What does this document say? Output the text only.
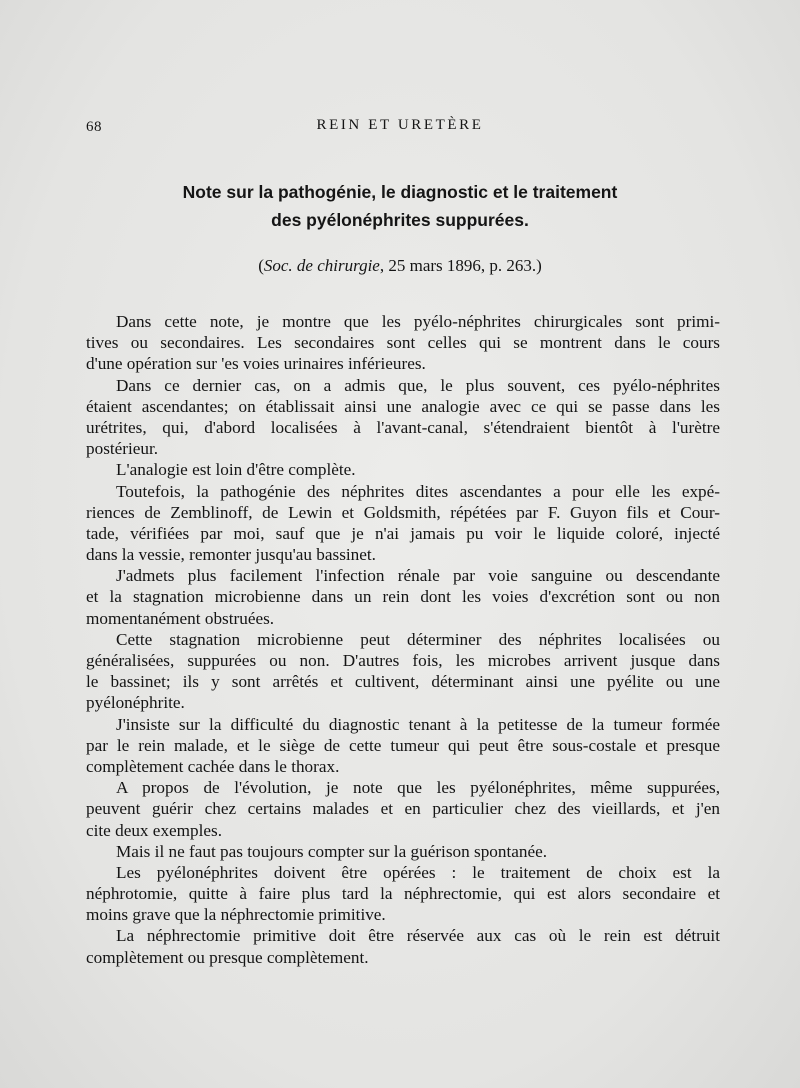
68	REIN ET URETÈRE
Note sur la pathogénie, le diagnostic et le traitement
des pyélonéphrites suppurées.
(Soc. de chirurgie, 25 mars 1896, p. 263.)
Dans cette note, je montre que les pyélo-néphrites chirurgicales sont primi-
tives ou secondaires. Les secondaires sont celles qui se montrent dans le cours
d'une opération sur 'es voies urinaires inférieures.
Dans ce dernier cas, on a admis que, le plus souvent, ces pyélo-néphrites
étaient ascendantes; on établissait ainsi une analogie avec ce qui se passe dans les
urétrites, qui, d'abord localisées à l'avant-canal, s'étendraient bientôt à l'urètre
postérieur.
L'analogie est loin d'être complète.
Toutefois, la pathogénie des néphrites dites ascendantes a pour elle les expé-
riences de Zemblinoff, de Lewin et Goldsmith, répétées par F. Guyon fils et Cour-
tade, vérifiées par moi, sauf que je n'ai jamais pu voir le liquide coloré, injecté
dans la vessie, remonter jusqu'au bassinet.
J'admets plus facilement l'infection rénale par voie sanguine ou descendante
et la stagnation microbienne dans un rein dont les voies d'excrétion sont ou non
momentanément obstruées.
Cette stagnation microbienne peut déterminer des néphrites localisées ou
généralisées, suppurées ou non. D'autres fois, les microbes arrivent jusque dans
le bassinet; ils y sont arrêtés et cultivent, déterminant ainsi une pyélite ou une
pyélonéphrite.
J'insiste sur la difficulté du diagnostic tenant à la petitesse de la tumeur formée
par le rein malade, et le siège de cette tumeur qui peut être sous-costale et presque
complètement cachée dans le thorax.
A propos de l'évolution, je note que les pyélonéphrites, même suppurées,
peuvent guérir chez certains malades et en particulier chez des vieillards, et j'en
cite deux exemples.
Mais il ne faut pas toujours compter sur la guérison spontanée.
Les pyélonéphrites doivent être opérées : le traitement de choix est la
néphrotomie, quitte à faire plus tard la néphrectomie, qui est alors secondaire et
moins grave que la néphrectomie primitive.
La néphrectomie primitive doit être réservée aux cas où le rein est détruit
complètement ou presque complètement.
